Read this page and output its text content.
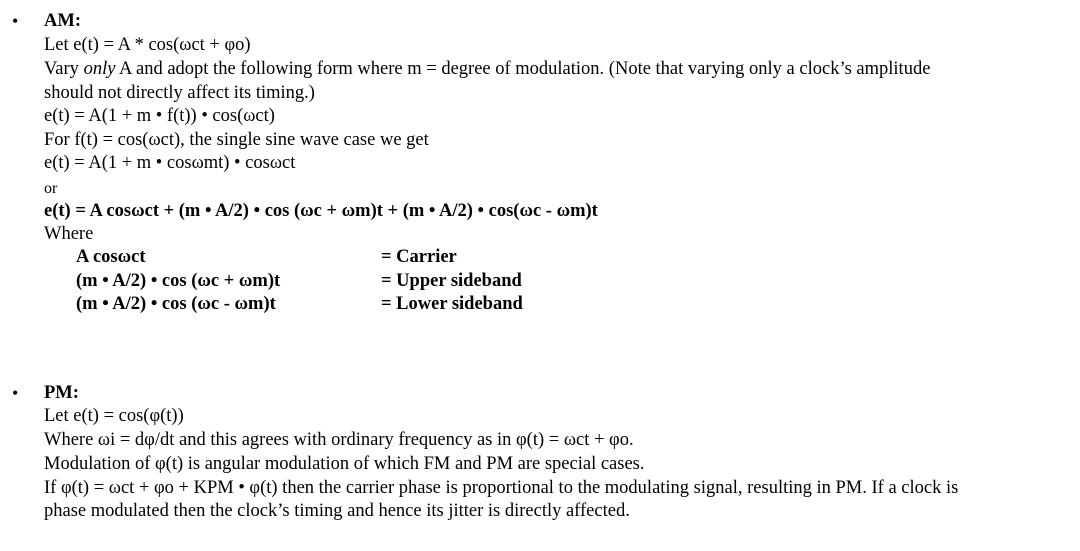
• AM:
Let e(t) = A * cos(ωct + φo)
Vary only A and adopt the following form where m = degree of modulation. (Note that varying only a clock’s amplitude
should not directly affect its timing.)
e(t) = A(1 + m • f(t)) • cos(ωct)
For f(t) = cos(ωct), the single sine wave case we get
e(t) = A(1 + m • cosωmt) • cosωct
or
e(t) = A cosωct + (m • A/2) • cos (ωc + ωm)t + (m • A/2) • cos(ωc - ωm)t
Where
A cosωct	= Carrier
(m • A/2) • cos (ωc + ωm)t	= Upper sideband
(m • A/2) • cos (ωc - ωm)t	= Lower sideband
• PM:
Let e(t) = cos(φ(t))
Where ωi = dφ/dt and this agrees with ordinary frequency as in φ(t) = ωct + φo.
Modulation of φ(t) is angular modulation of which FM and PM are special cases.
If φ(t) = ωct + φo + KPM • φ(t) then the carrier phase is proportional to the modulating signal, resulting in PM. If a clock is
phase modulated then the clock’s timing and hence its jitter is directly affected.
